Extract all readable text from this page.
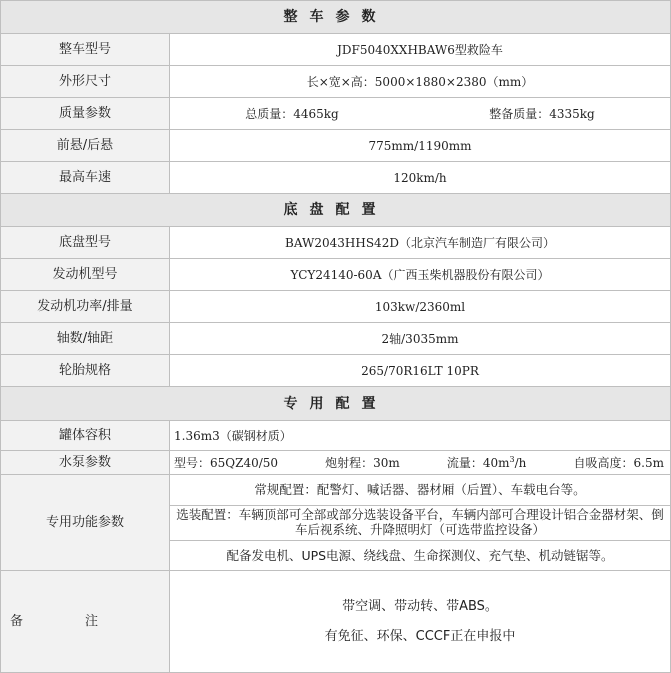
整车参数	
整车型号	JDF5040XXHBAW6型救险车
外形尺寸	长×宽×高：5000×1880×2380（mm）
质量参数	总质量：4465kg 整备质量：4335kg

前悬/后悬	775mm/1190mm
最高车速	120km/h
底盘配置	
底盘型号	BAW2043HHS42D（北京汽车制造厂有限公司）
发动机型号	YCY24140-60A（广西玉柴机器股份有限公司）
发动机功率/排量	103kw/2360ml
轴数/轴距	2轴/3035mm
轮胎规格	265/70R16LT 10PR
专用配置	
罐体容积	1.36m3（碳钢材质）
水泵参数	型号：65QZ40/50 炮射程：30m 流量：$40m^3/h$ 自吸高度：6.5m

专用功能参数	常规配置：配警灯、喊话器、器材厢（后置）、车载电台等。
选装配置：车辆顶部可全部或部分选装设备平台，车辆内部可合理设计铝合金器材架、倒车后视系统、升降照明灯（可选带监控设备）
配备发电机、UPS电源、绕线盘、生命探测仪、充气垫、机动链锯等。

备注	带空调、带动转、带ABS。
有免征、环保、CCCF正在申报中
